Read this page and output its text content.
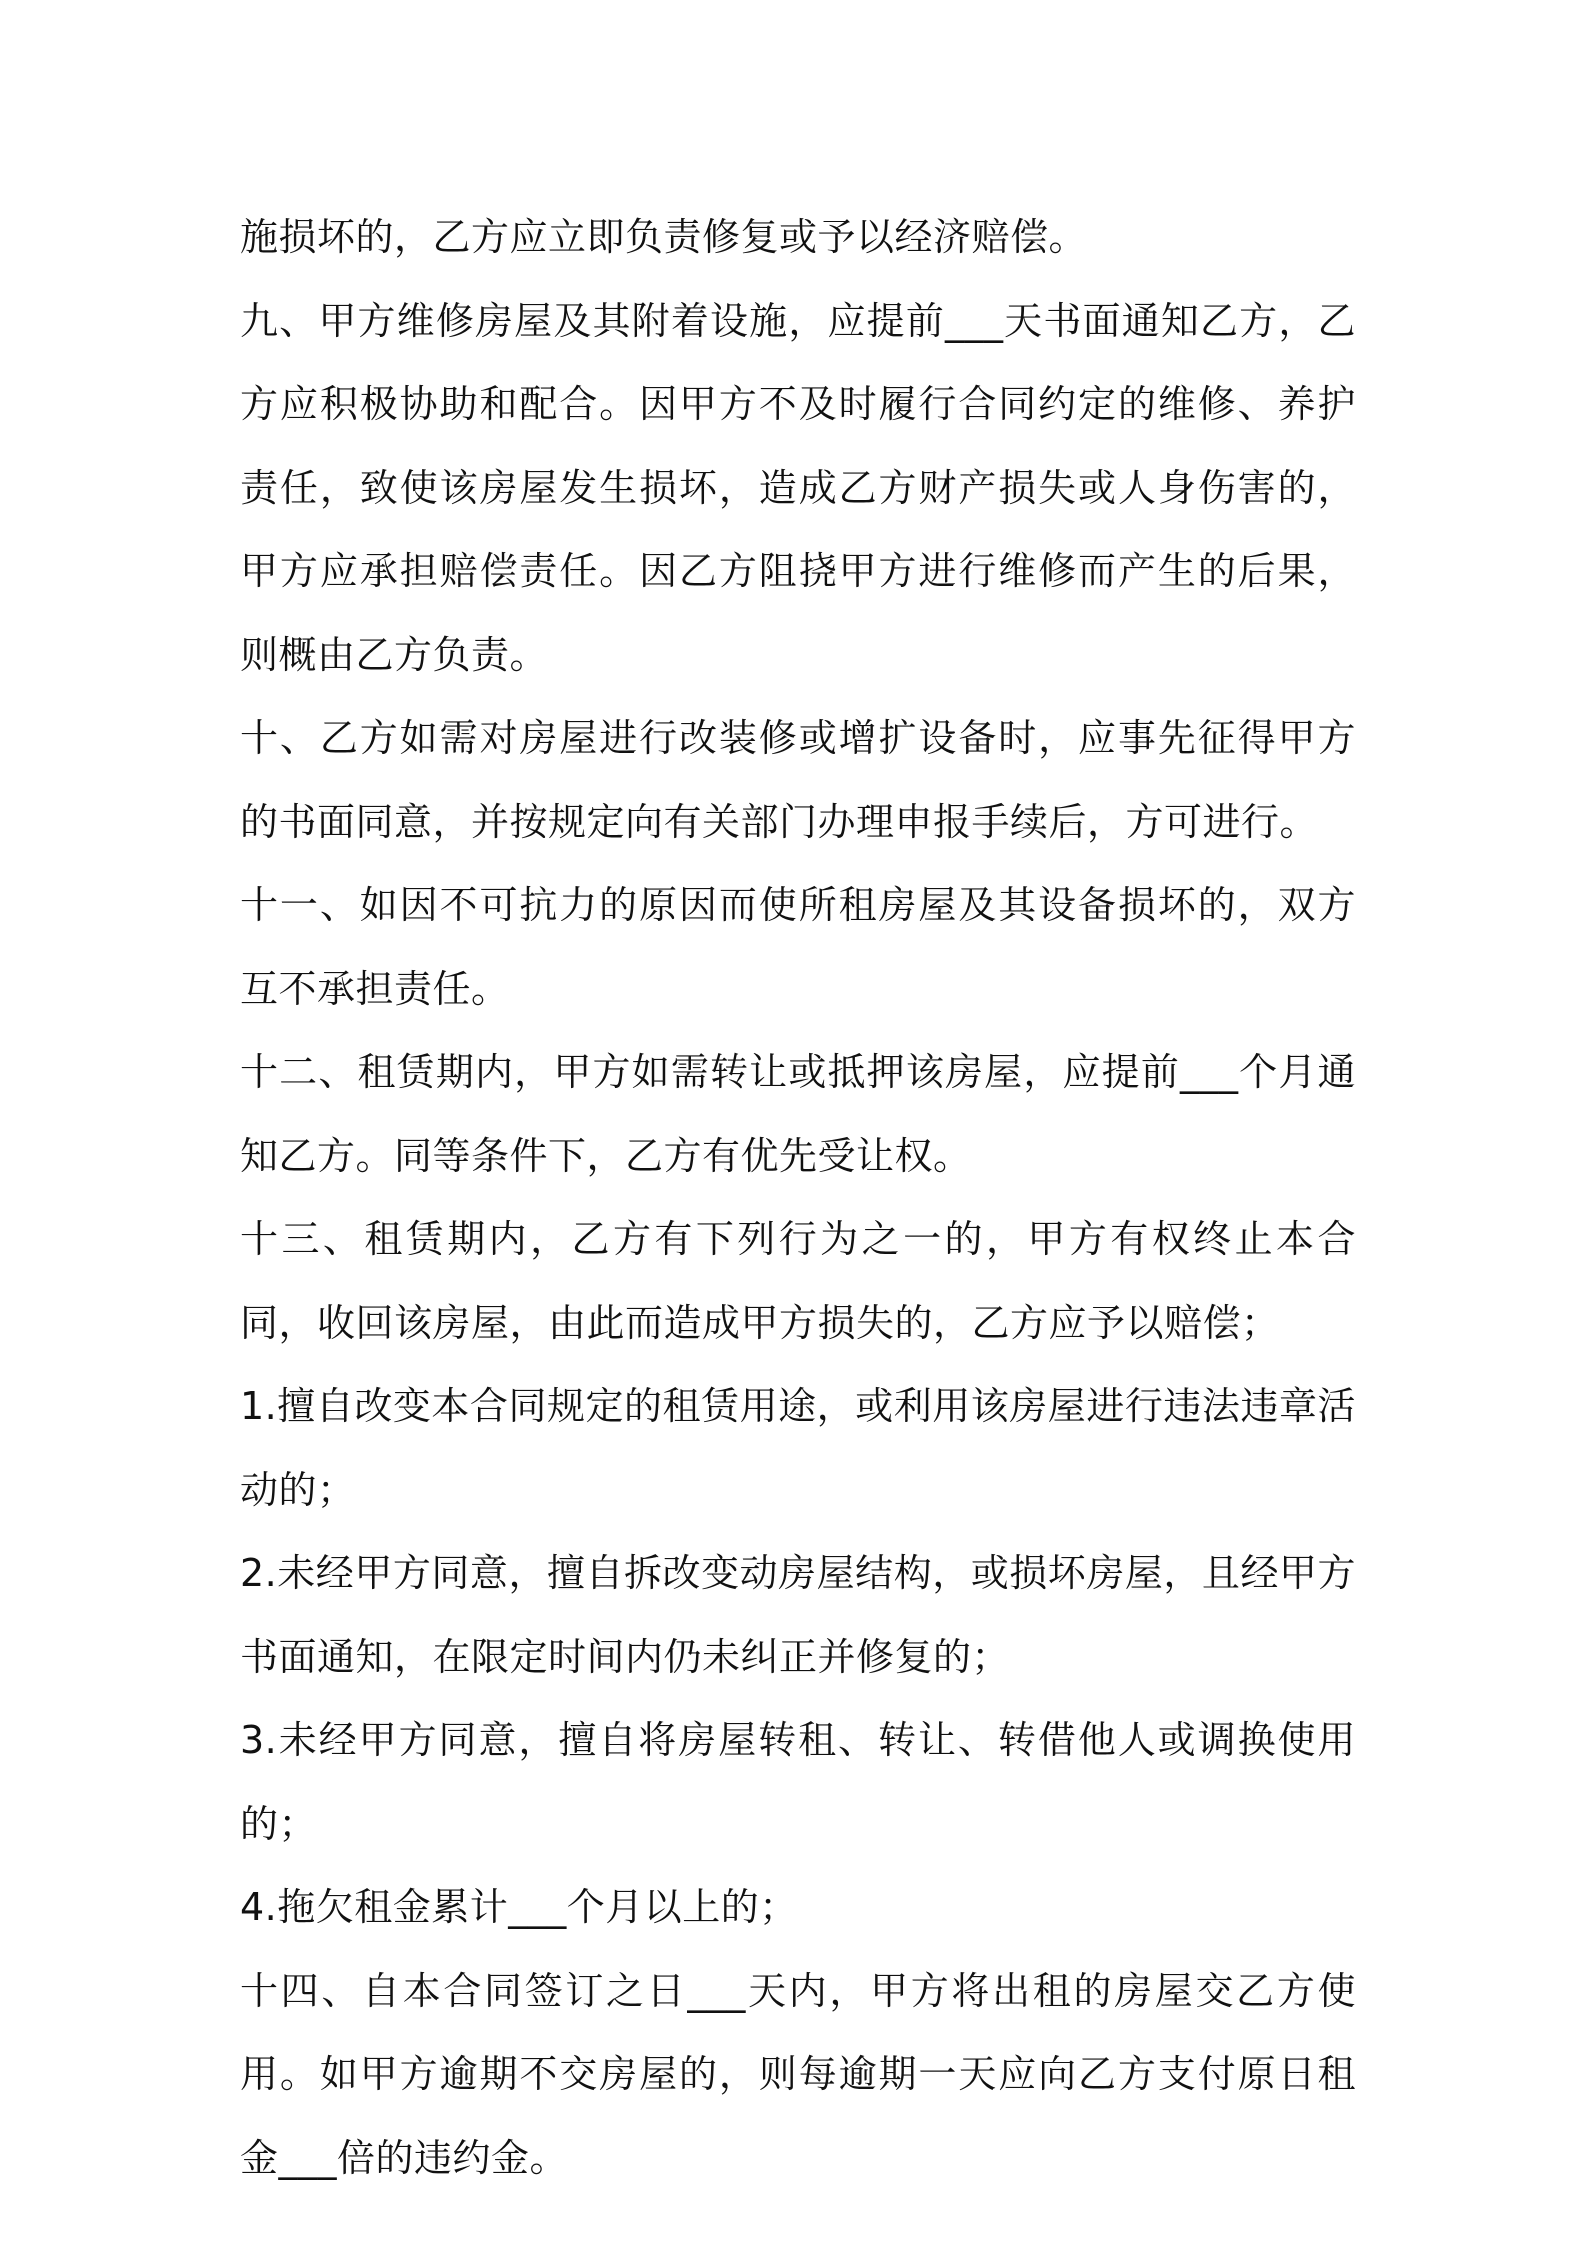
施损坏的，乙方应立即负责修复或予以经济赔偿。

九、甲方维修房屋及其附着设施，应提前___天书面通知乙方，乙方应积极协助和配合。因甲方不及时履行合同约定的维修、养护责任，致使该房屋发生损坏，造成乙方财产损失或人身伤害的，甲方应承担赔偿责任。因乙方阻挠甲方进行维修而产生的后果，则概由乙方负责。

十、乙方如需对房屋进行改装修或增扩设备时，应事先征得甲方的书面同意，并按规定向有关部门办理申报手续后，方可进行。

十一、如因不可抗力的原因而使所租房屋及其设备损坏的，双方互不承担责任。

十二、租赁期内，甲方如需转让或抵押该房屋，应提前___个月通知乙方。同等条件下，乙方有优先受让权。

十三、租赁期内，乙方有下列行为之一的，甲方有权终止本合同，收回该房屋，由此而造成甲方损失的，乙方应予以赔偿；

1.擅自改变本合同规定的租赁用途，或利用该房屋进行违法违章活动的；

2.未经甲方同意，擅自拆改变动房屋结构，或损坏房屋，且经甲方书面通知，在限定时间内仍未纠正并修复的；

3.未经甲方同意，擅自将房屋转租、转让、转借他人或调换使用的；

4.拖欠租金累计___个月以上的；

十四、自本合同签订之日___天内，甲方将出租的房屋交乙方使用。如甲方逾期不交房屋的，则每逾期一天应向乙方支付原日租金___倍的违约金。
